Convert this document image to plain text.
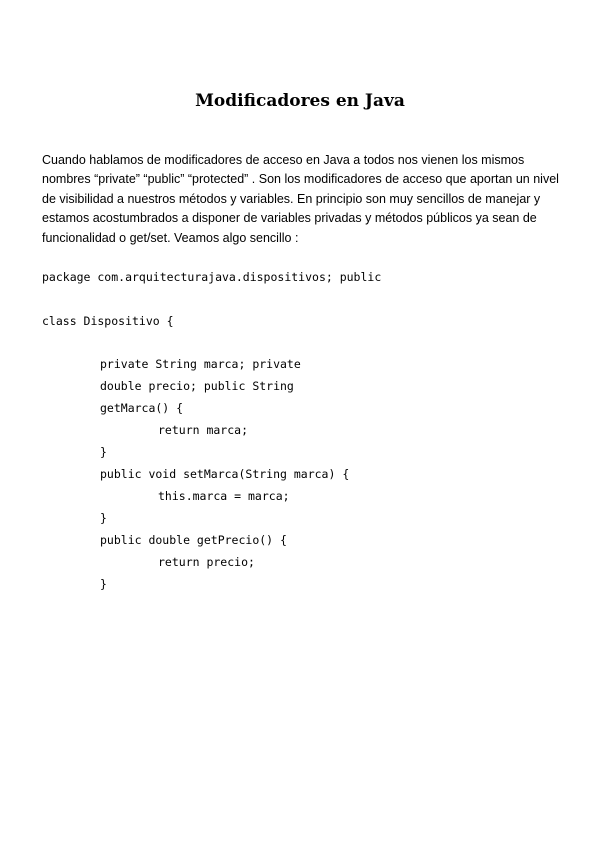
Modificadores en Java

Cuando hablamos de modificadores de acceso en Java a todos nos vienen los mismos
nombres “private” “public” “protected” . Son los modificadores de acceso que aportan un nivel
de visibilidad a nuestros métodos y variables. En principio son muy sencillos de manejar y
estamos acostumbrados a disponer de variables privadas y métodos públicos ya sean de
funcionalidad o get/set. Veamos algo sencillo :

package com.arquitecturajava.dispositivos; public
class Dispositivo {
private String marca; private
double precio; public String
getMarca() {
return marca;
}
public void setMarca(String marca) {
this.marca = marca;
}
public double getPrecio() {
return precio;
}
